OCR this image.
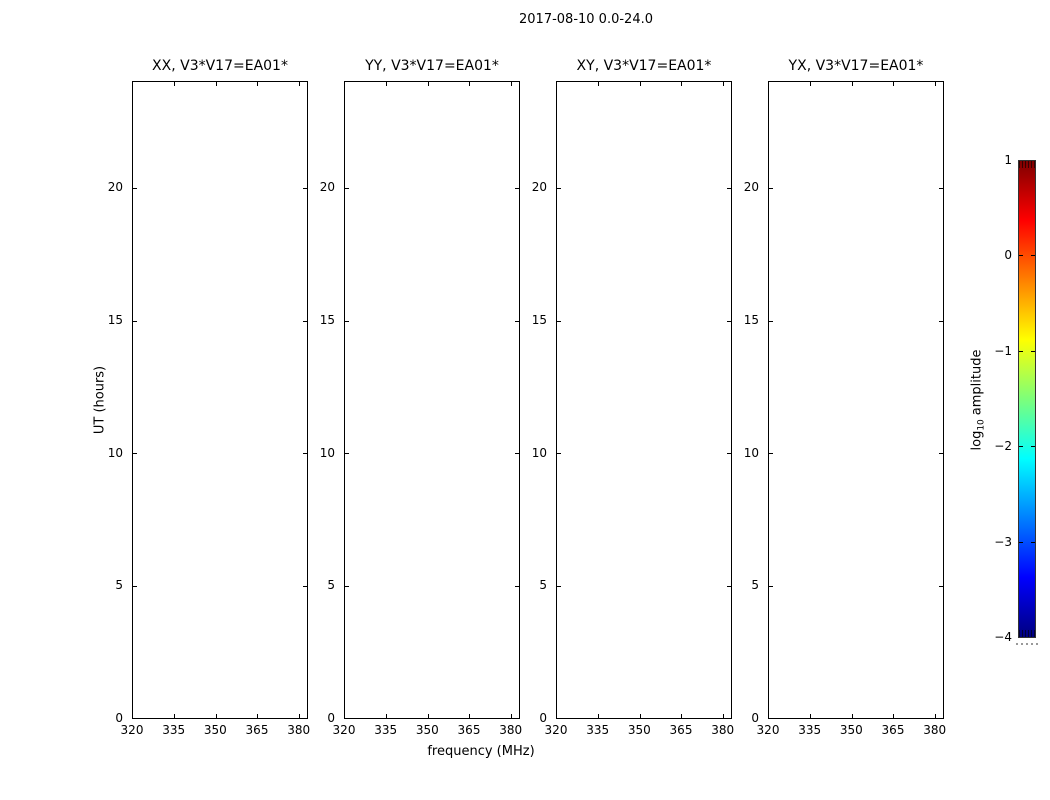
2017-08-10 0.0-24.0
UT (hours)
frequency (MHz)
XX, V3*V17=EA01*
320	335	350	365	380
0
5
10
15
20
YY, V3*V17=EA01*
320	335	350	365	380
0
5
10
15
20
XY, V3*V17=EA01*
320	335	350	365	380
0
5
10
15
20
YX, V3*V17=EA01*
320	335	350	365	380
0
5
10
15
20
1
0
−1
−2
−3
−4
$\log_{10}amplitude$
